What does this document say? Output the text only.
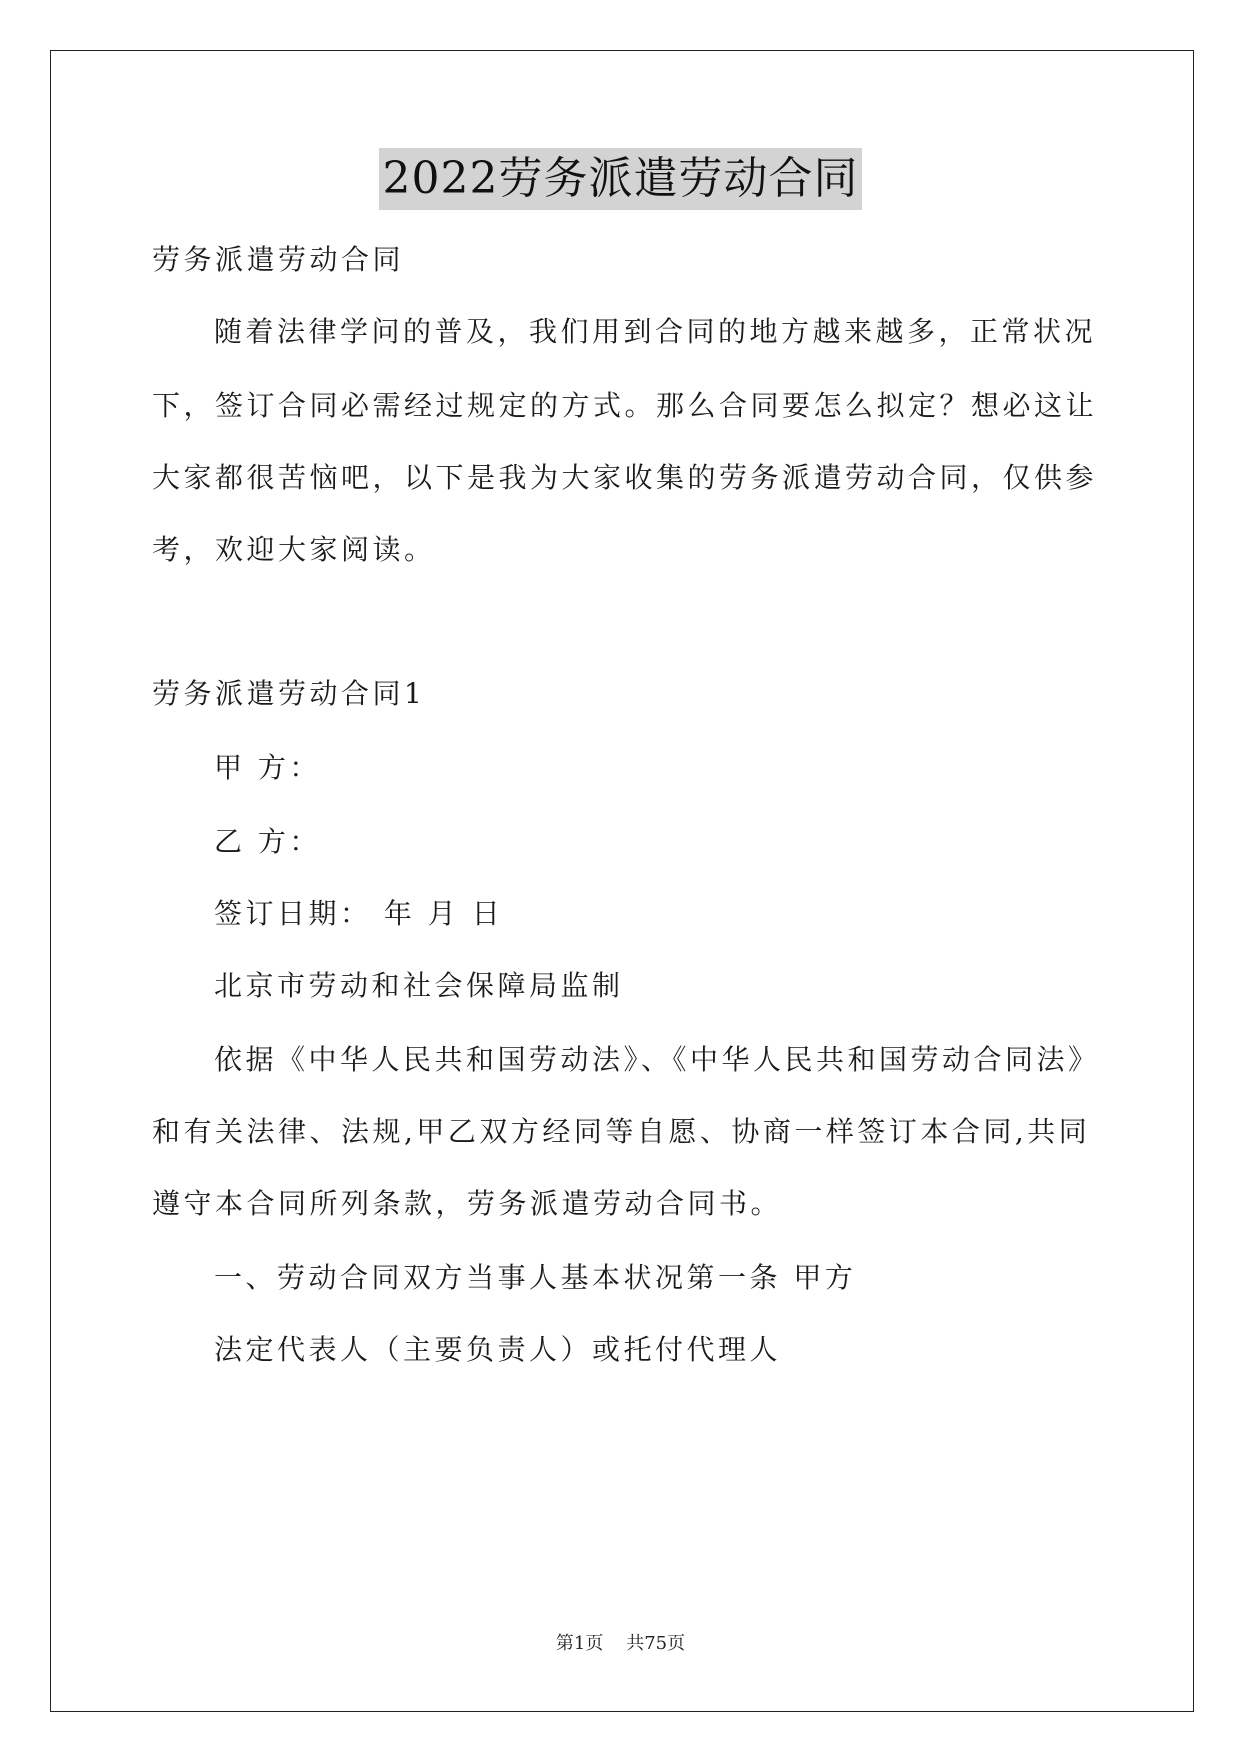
2022劳务派遣劳动合同
劳务派遣劳动合同
随着法律学问的普及，我们用到合同的地方越来越多，正常状况
下，签订合同必需经过规定的方式。那么合同要怎么拟定？想必这让
大家都很苦恼吧，以下是我为大家收集的劳务派遣劳动合同，仅供参
考，欢迎大家阅读。
劳务派遣劳动合同1
甲 方：
乙 方：
签订日期： 年 月 日
北京市劳动和社会保障局监制
依据《中华人民共和国劳动法》、《中华人民共和国劳动合同法》
和有关法律、法规,甲乙双方经同等自愿、协商一样签订本合同,共同
遵守本合同所列条款，劳务派遣劳动合同书。
一、劳动合同双方当事人基本状况第一条 甲方
法定代表人（主要负责人）或托付代理人
第1页    共75页
